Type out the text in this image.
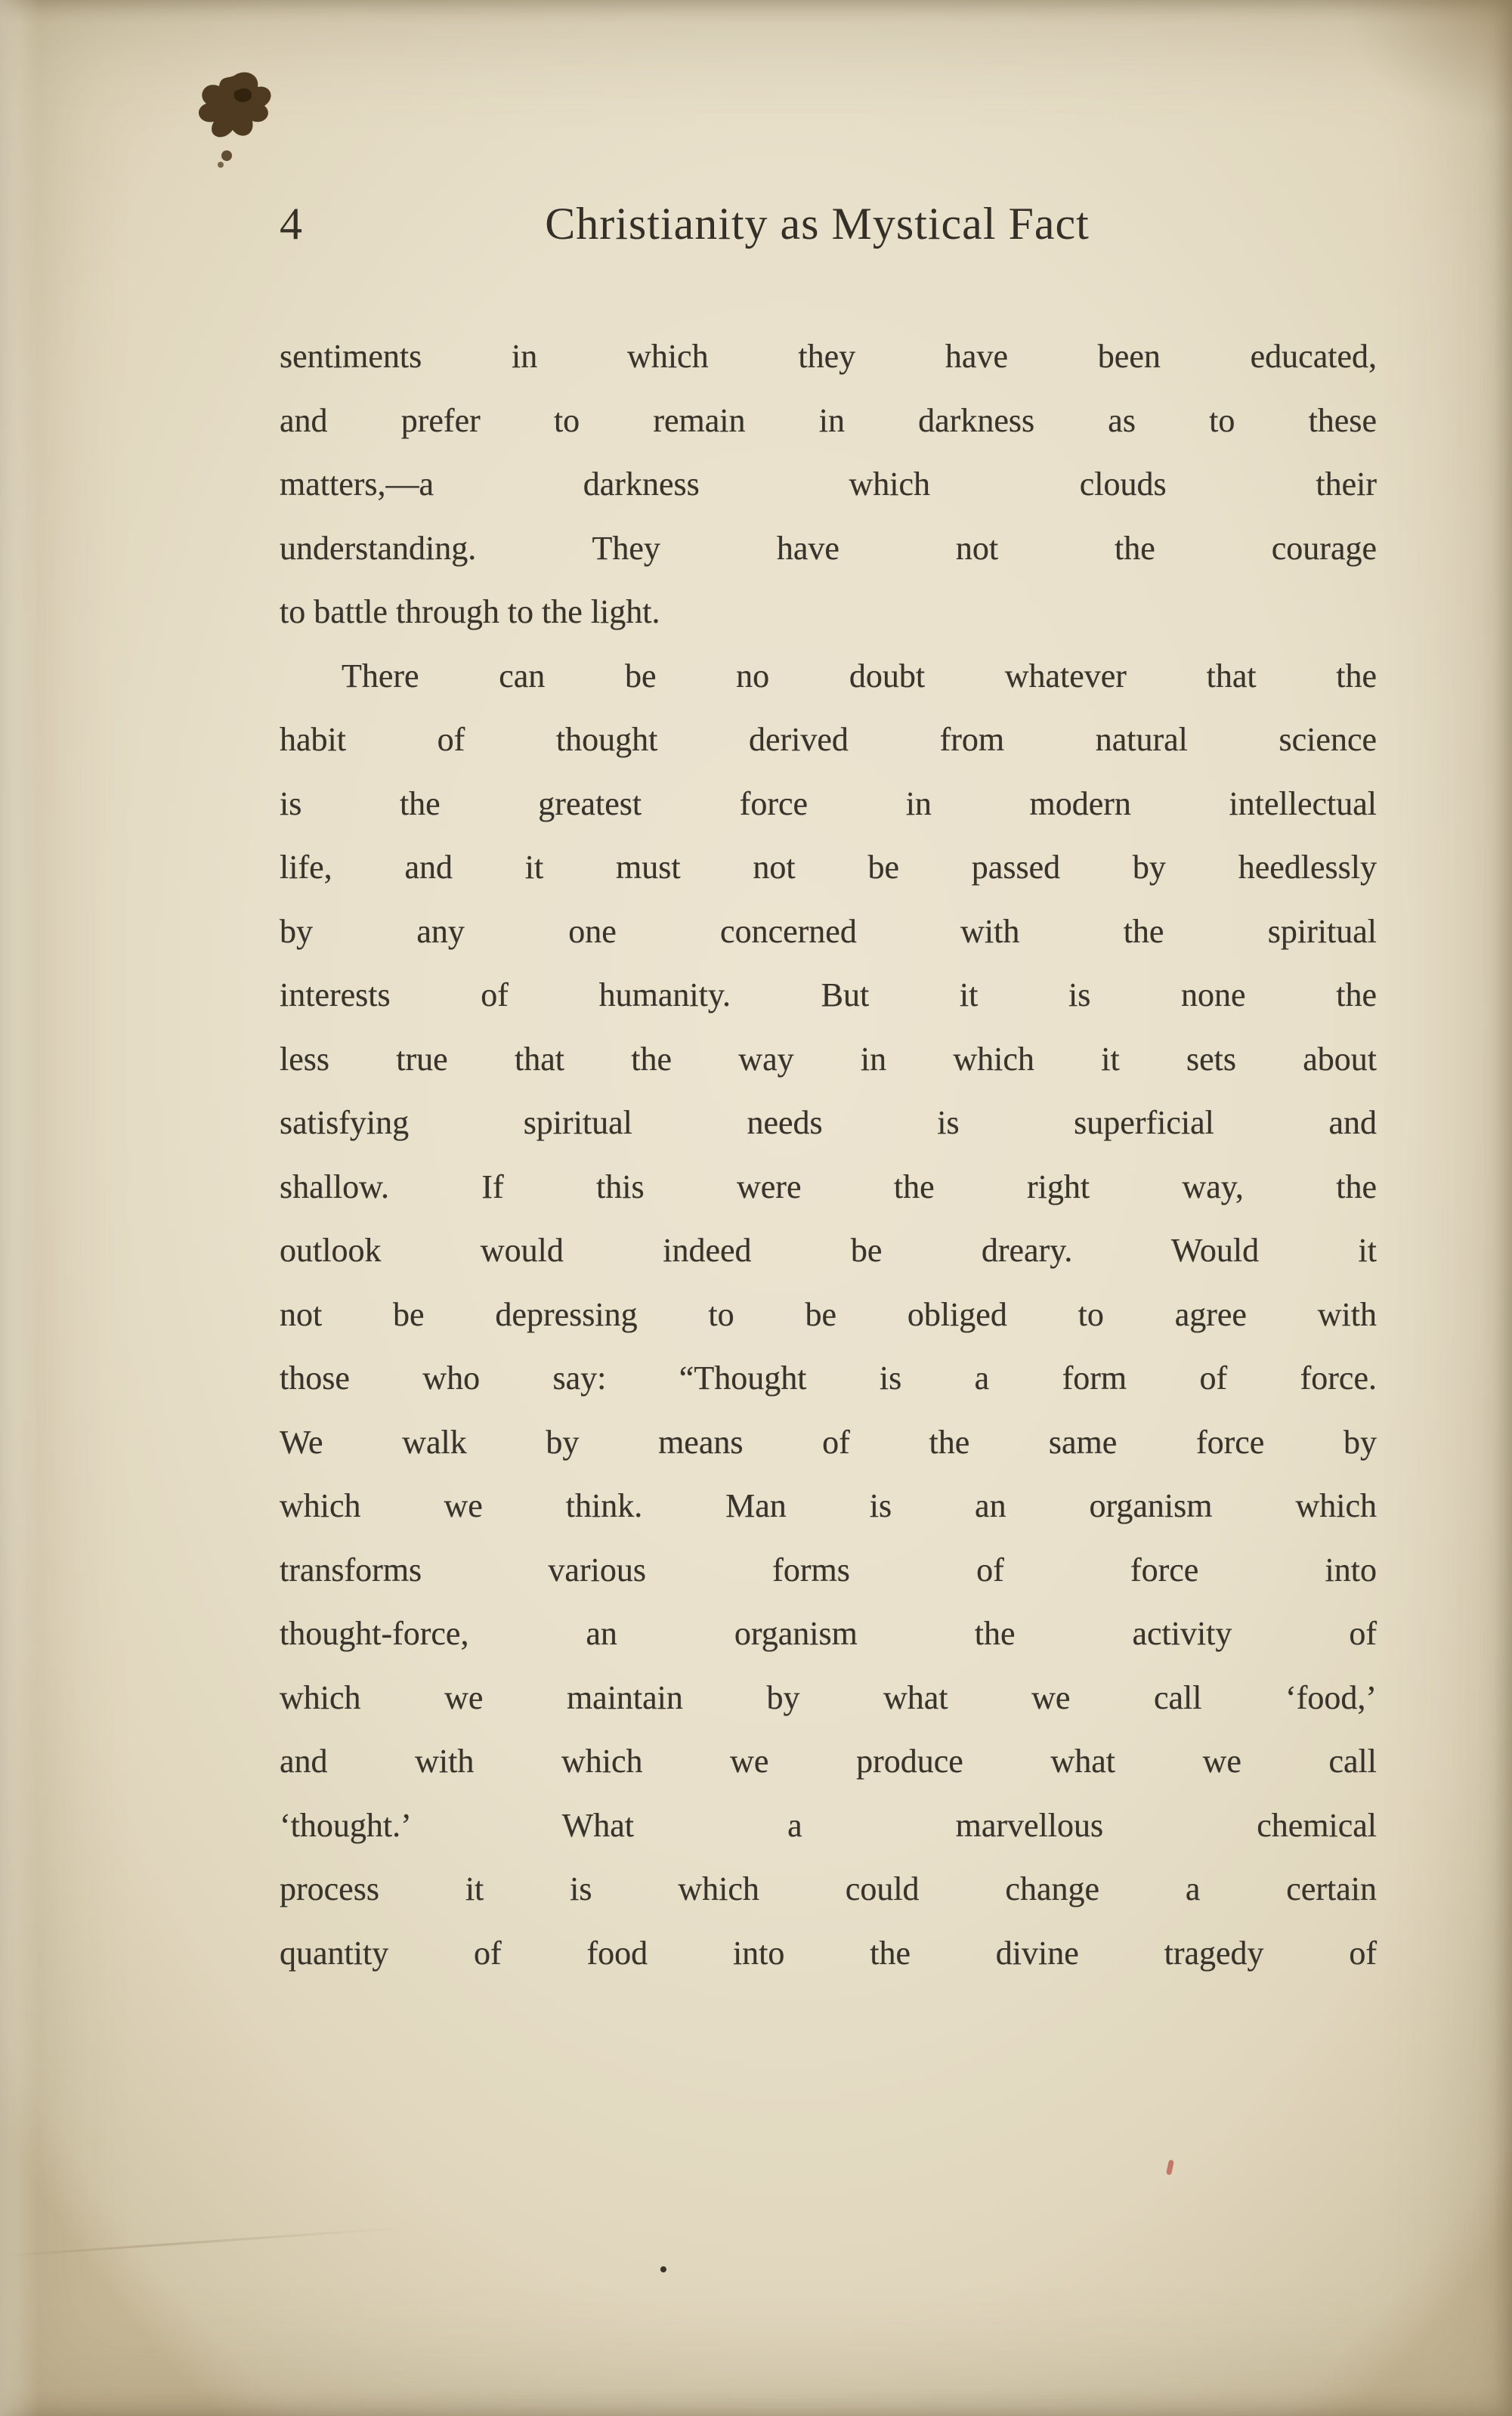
4	Christianity as Mystical Fact
sentiments in which they have been educated,
and prefer to remain in darkness as to these
matters,—a darkness which clouds their
understanding. They have not the courage
to battle through to the light.
There can be no doubt whatever that the
habit of thought derived from natural science
is the greatest force in modern intellectual
life, and it must not be passed by heedlessly
by any one concerned with the spiritual
interests of humanity. But it is none the
less true that the way in which it sets about
satisfying spiritual needs is superficial and
shallow. If this were the right way, the
outlook would indeed be dreary. Would it
not be depressing to be obliged to agree with
those who say: “Thought is a form of force.
We walk by means of the same force by
which we think. Man is an organism which
transforms various forms of force into
thought-force, an organism the activity of
which we maintain by what we call ‘food,’
and with which we produce what we call
‘thought.’ What a marvellous chemical
process it is which could change a certain
quantity of food into the divine tragedy of
•
